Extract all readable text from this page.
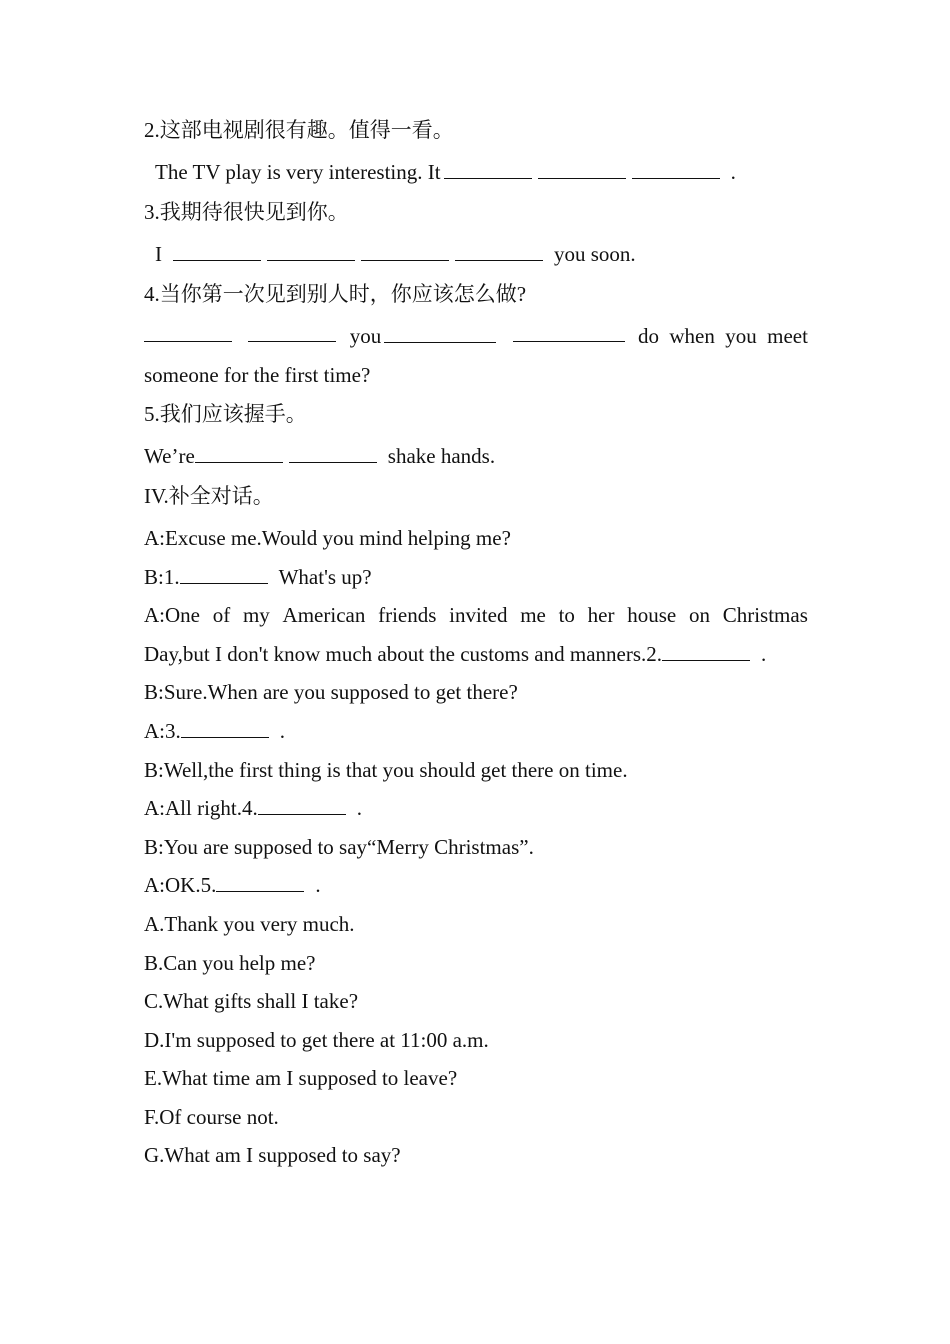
2.这部电视剧很有趣。值得一看。
The TV play is very interesting. It	.
3.我期待很快见到你。
I	you soon.
4.当你第一次见到别人时，你应该怎么做?
you	do when you meet
someone for the first time?
5.我们应该握手。
We’re	shake hands.
IV.补全对话。
A:Excuse me.Would you mind helping me?
B:1.	What's up?
A:One of my American friends invited me to her house on Christmas
Day,but I don't know much about the customs and manners.2.	.
B:Sure.When are you supposed to get there?
A:3.	.
B:Well,the first thing is that you should get there on time.
A:All right.4.	.
B:You are supposed to say“Merry Christmas”.
A:OK.5.	.
A.Thank you very much.
B.Can you help me?
C.What gifts shall I take?
D.I'm supposed to get there at 11:00 a.m.
E.What time am I supposed to leave?
F.Of course not.
G.What am I supposed to say?
